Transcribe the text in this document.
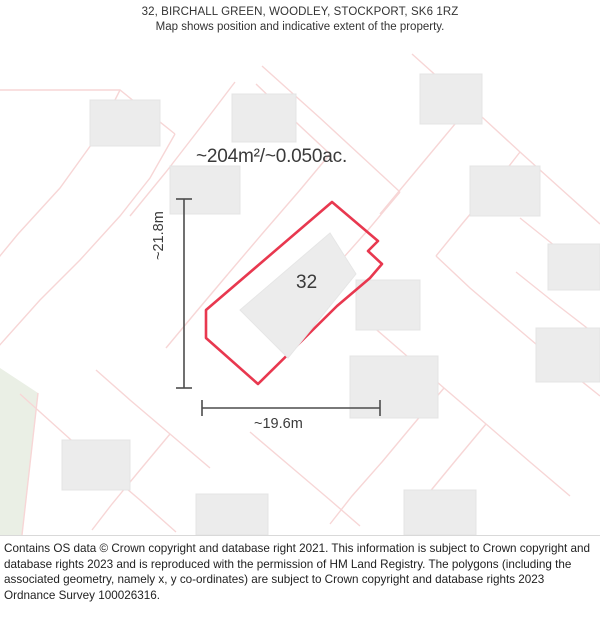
32, BIRCHALL GREEN, WOODLEY, STOCKPORT, SK6 1RZ
Map shows position and indicative extent of the property.
~204m²/~0.050ac.
32
~21.8m
~19.6m

Contains OS data © Crown copyright and database right 2021. This information is subject to Crown copyright and database rights 2023 and is reproduced with the permission of HM Land Registry. The polygons (including the associated geometry, namely x, y co-ordinates) are subject to Crown copyright and database rights 2023 Ordnance Survey 100026316.
